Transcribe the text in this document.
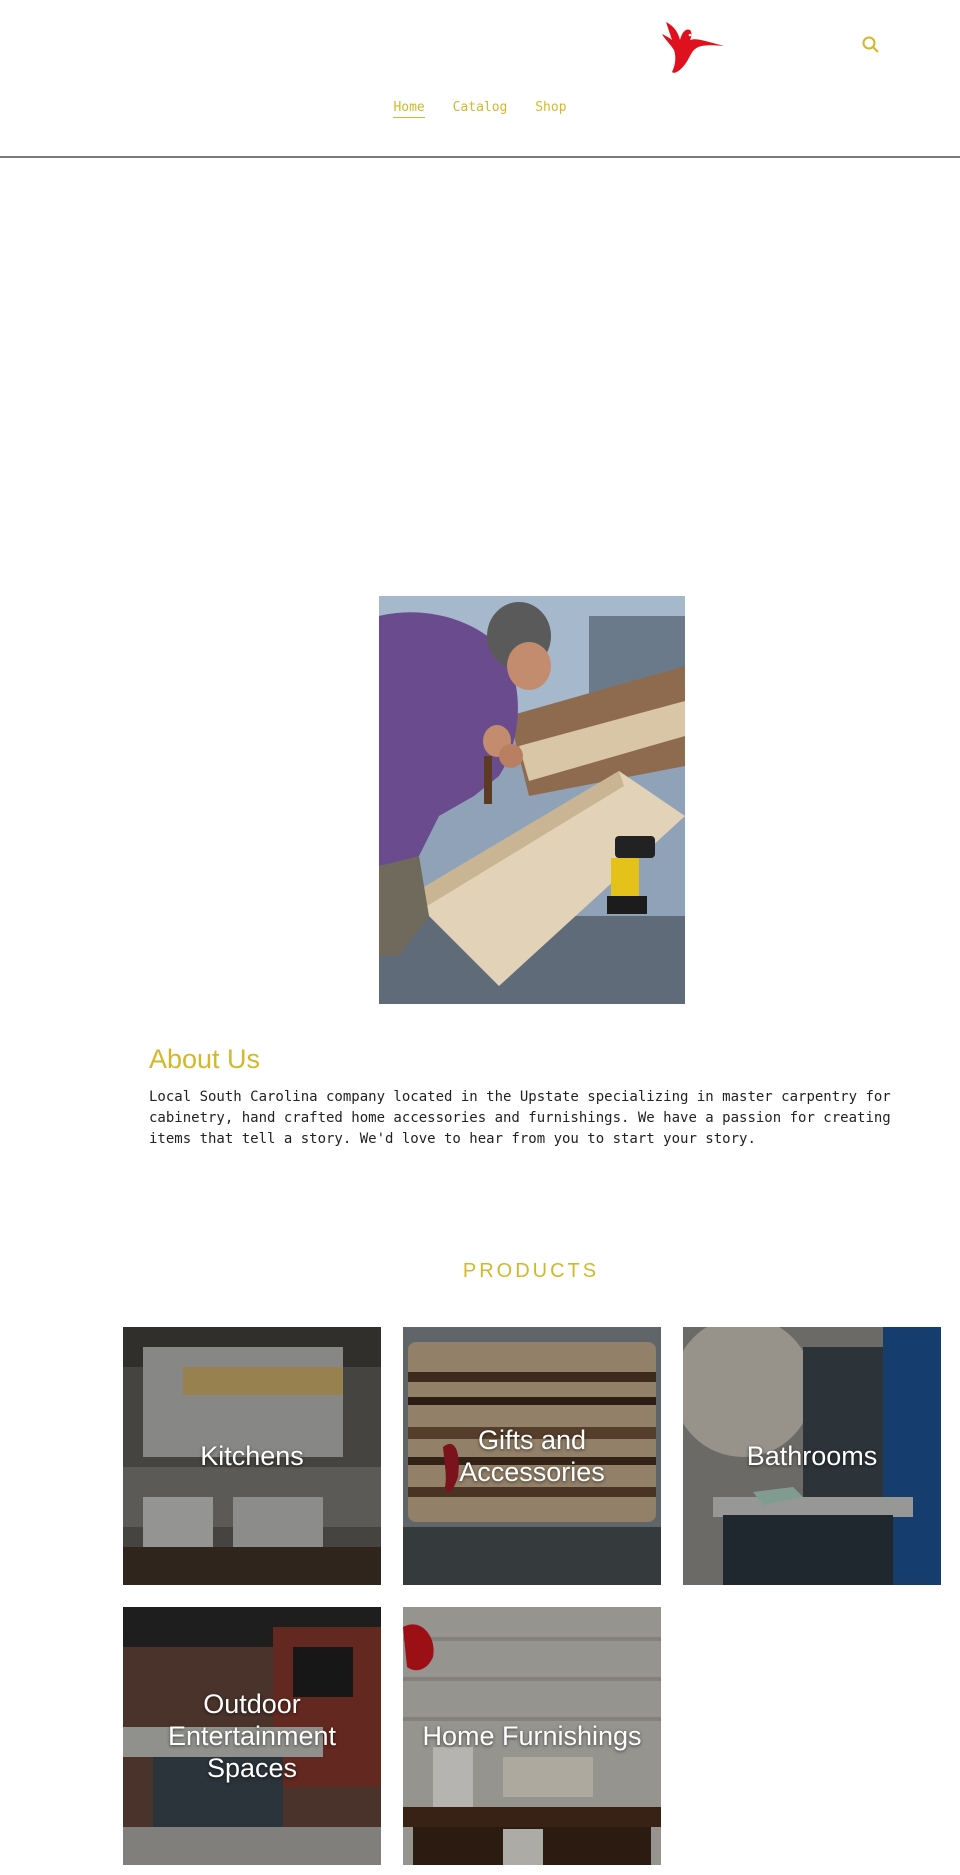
Home Catalog Shop
About Us
Local South Carolina company located in the Upstate specializing in master carpentry for cabinetry, hand crafted home accessories and furnishings. We have a passion for creating items that tell a story. We'd love to hear from you to start your story.
PRODUCTS
Kitchens
Gifts and Accessories
Bathrooms
Outdoor Entertainment Spaces
Home Furnishings
